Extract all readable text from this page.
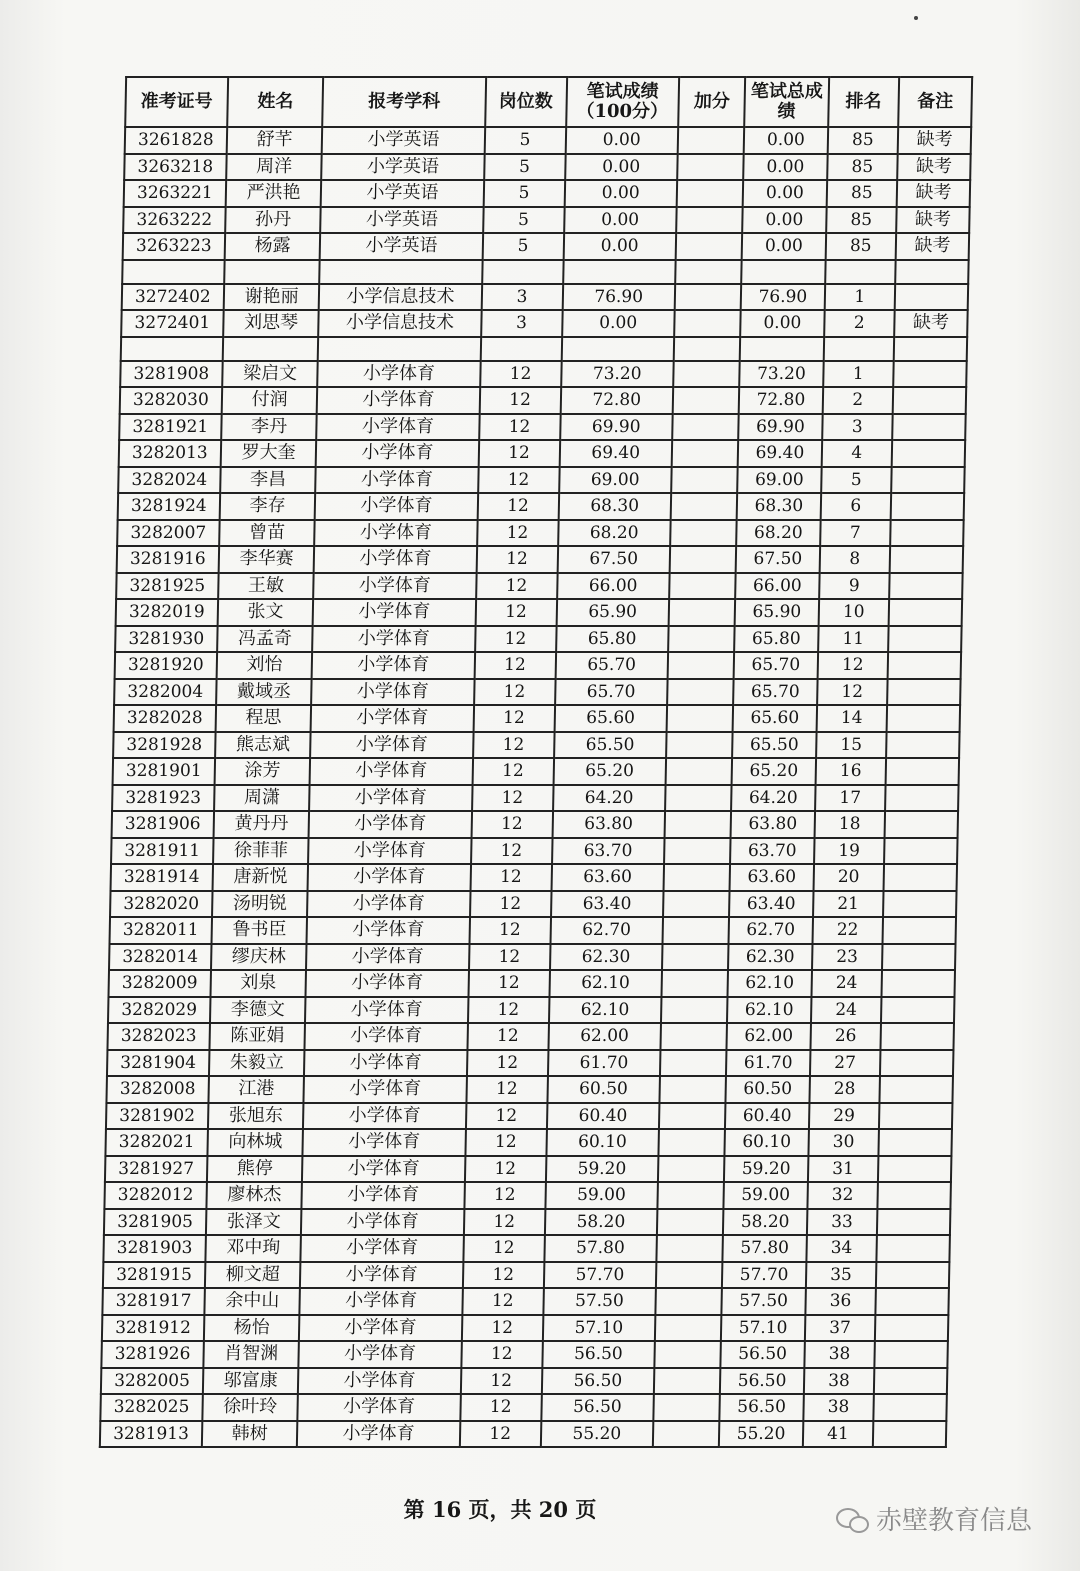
准考证号	姓名	报考学科	岗位数	笔试成绩（100分）	加分	笔试总成绩	排名	备注
3261828	舒芊	小学英语	5	0.00		0.00	85	缺考
3263218	周洋	小学英语	5	0.00		0.00	85	缺考
3263221	严洪艳	小学英语	5	0.00		0.00	85	缺考
3263222	孙丹	小学英语	5	0.00		0.00	85	缺考
3263223	杨露	小学英语	5	0.00		0.00	85	缺考

3272402	谢艳丽	小学信息技术	3	76.90		76.90	1	
3272401	刘思琴	小学信息技术	3	0.00		0.00	2	缺考

3281908	梁启文	小学体育	12	73.20		73.20	1	
3282030	付润	小学体育	12	72.80		72.80	2	
3281921	李丹	小学体育	12	69.90		69.90	3	
3282013	罗大奎	小学体育	12	69.40		69.40	4	
3282024	李昌	小学体育	12	69.00		69.00	5	
3281924	李存	小学体育	12	68.30		68.30	6	
3282007	曾苗	小学体育	12	68.20		68.20	7	
3281916	李华赛	小学体育	12	67.50		67.50	8	
3281925	王敏	小学体育	12	66.00		66.00	9	
3282019	张文	小学体育	12	65.90		65.90	10	
3281930	冯孟奇	小学体育	12	65.80		65.80	11	
3281920	刘怡	小学体育	12	65.70		65.70	12	
3282004	戴域丞	小学体育	12	65.70		65.70	12	
3282028	程思	小学体育	12	65.60		65.60	14	
3281928	熊志斌	小学体育	12	65.50		65.50	15	
3281901	涂芳	小学体育	12	65.20		65.20	16	
3281923	周潇	小学体育	12	64.20		64.20	17	
3281906	黄丹丹	小学体育	12	63.80		63.80	18	
3281911	徐菲菲	小学体育	12	63.70		63.70	19	
3281914	唐新悦	小学体育	12	63.60		63.60	20	
3282020	汤明锐	小学体育	12	63.40		63.40	21	
3282011	鲁书臣	小学体育	12	62.70		62.70	22	
3282014	缪庆林	小学体育	12	62.30		62.30	23	
3282009	刘泉	小学体育	12	62.10		62.10	24	
3282029	李德文	小学体育	12	62.10		62.10	24	
3282023	陈亚娟	小学体育	12	62.00		62.00	26	
3281904	朱毅立	小学体育	12	61.70		61.70	27	
3282008	江港	小学体育	12	60.50		60.50	28	
3281902	张旭东	小学体育	12	60.40		60.40	29	
3282021	向林城	小学体育	12	60.10		60.10	30	
3281927	熊停	小学体育	12	59.20		59.20	31	
3282012	廖林杰	小学体育	12	59.00		59.00	32	
3281905	张泽文	小学体育	12	58.20		58.20	33	
3281903	邓中珣	小学体育	12	57.80		57.80	34	
3281915	柳文超	小学体育	12	57.70		57.70	35	
3281917	余中山	小学体育	12	57.50		57.50	36	
3281912	杨怡	小学体育	12	57.10		57.10	37	
3281926	肖智渊	小学体育	12	56.50		56.50	38	
3282005	邬富康	小学体育	12	56.50		56.50	38	
3282025	徐叶玲	小学体育	12	56.50		56.50	38	
3281913	韩树	小学体育	12	55.20		55.20	41	
第 16 页，共 20 页	赤壁教育信息
